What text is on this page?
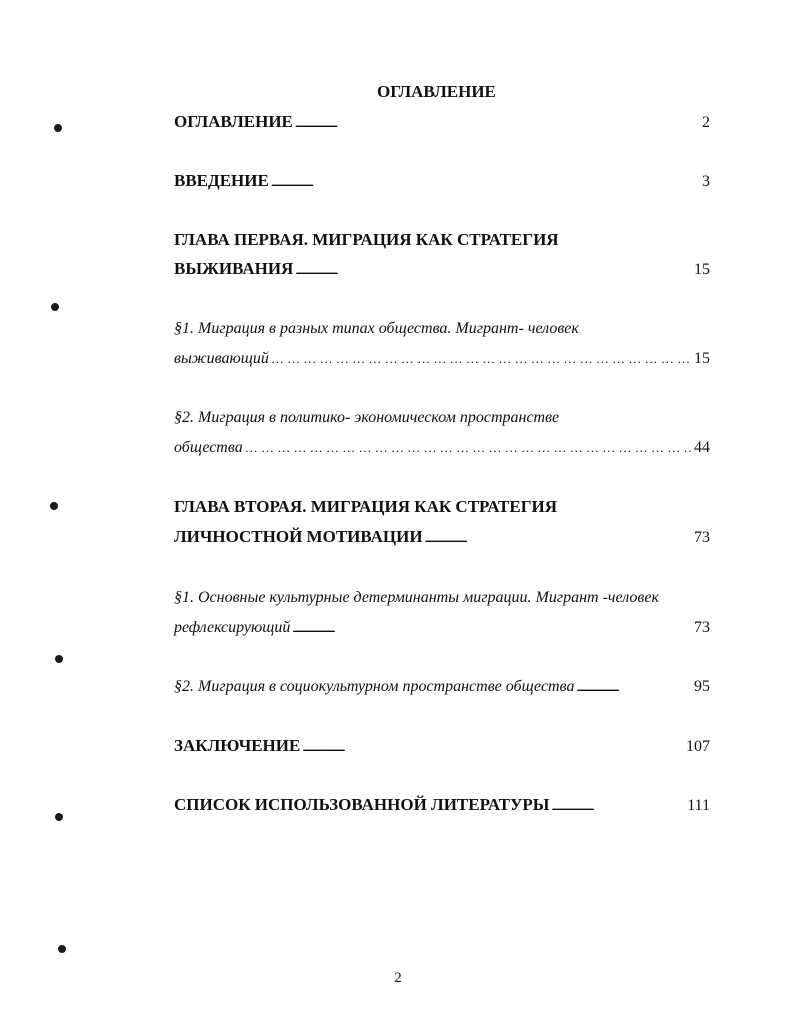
ОГЛАВЛЕНИЕ
ОГЛАВЛЕНИЕ . . .	2
ВВЕДЕНИЕ . . .	3
ГЛАВА ПЕРВАЯ. МИГРАЦИЯ КАК СТРАТЕГИЯ
ВЫЖИВАНИЯ . . .	15
§1. Миграция в разных типах общества. Мигрант- человек
выживающий … … … … … … … … … … … … … … … … … … … … … … … … … … … … … … … … … … … … … … … … … … …	15
§2. Миграция в политико- экономическом пространстве
общества … … … … … … … … … … … … … … … … … … … … … … … … … … … … … … … … … … … … … … … … … … …	44
ГЛАВА ВТОРАЯ. МИГРАЦИЯ КАК СТРАТЕГИЯ
ЛИЧНОСТНОЙ МОТИВАЦИИ . . .	73
§1. Основные культурные детерминанты миграции. Мигрант -человек
рефлексирующий . . .	73
§2. Миграция в социокультурном пространстве общества . . .	95
ЗАКЛЮЧЕНИЕ . . .	107
СПИСОК ИСПОЛЬЗОВАННОЙ ЛИТЕРАТУРЫ . . .	111
2
